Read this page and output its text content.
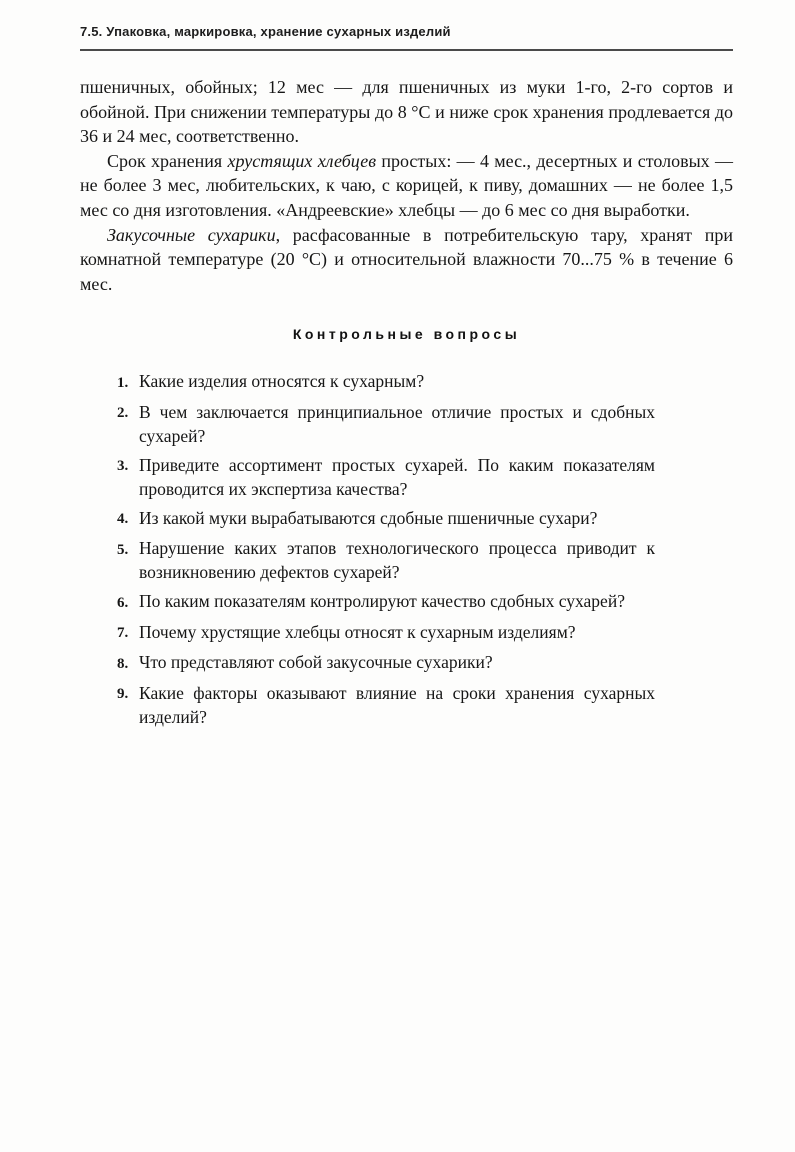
7.5. Упаковка, маркировка, хранение сухарных изделий

пшеничных, обойных; 12 мес — для пшеничных из муки 1-го, 2-го сортов и обойной. При снижении температуры до 8 °С и ниже срок хранения продлевается до 36 и 24 мес, соответственно.

Срок хранения хрустящих хлебцев простых: — 4 мес., десертных и столовых — не более 3 мес, любительских, к чаю, с корицей, к пиву, домашних — не более 1,5 мес со дня изготовления. «Андреевские» хлебцы — до 6 мес со дня выработки.

Закусочные сухарики, расфасованные в потребительскую тару, хранят при комнатной температуре (20 °С) и относительной влажности 70...75 % в течение 6 мес.

Контрольные вопросы
1. Какие изделия относятся к сухарным?
2. В чем заключается принципиальное отличие простых и сдобных сухарей?
3. Приведите ассортимент простых сухарей. По каким показателям проводится их экспертиза качества?
4. Из какой муки вырабатываются сдобные пшеничные сухари?
5. Нарушение каких этапов технологического процесса приводит к возникновению дефектов сухарей?
6. По каким показателям контролируют качество сдобных сухарей?
7. Почему хрустящие хлебцы относят к сухарным изделиям?
8. Что представляют собой закусочные сухарики?
9. Какие факторы оказывают влияние на сроки хранения сухарных изделий?
